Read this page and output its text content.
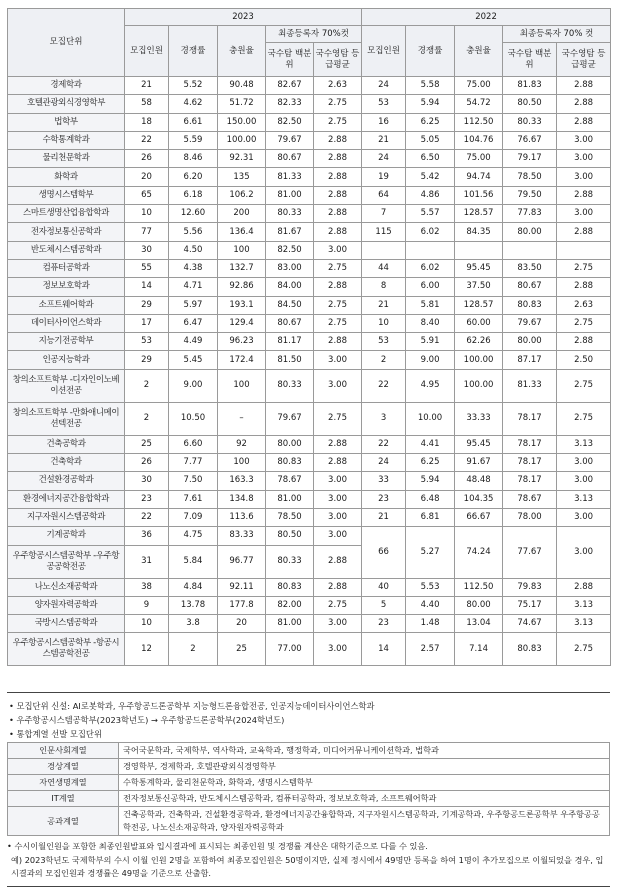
모집단위	2023					2022				
	모집인원	경쟁률	충원율	최종등록자 70%컷		모집인원	경쟁률	충원율	최종등록자 70% 컷	
				국수탐 백분위	국수영탐 등급평균				국수탐 백분위	국수영탐 등급평균
경제학과	21	5.52	90.48	82.67	2.63	24	5.58	75.00	81.83	2.88
호텔관광외식경영학부	58	4.62	51.72	82.33	2.75	53	5.94	54.72	80.50	2.88
법학부	18	6.61	150.00	82.50	2.75	16	6.25	112.50	80.33	2.88
수학통계학과	22	5.59	100.00	79.67	2.88	21	5.05	104.76	76.67	3.00
물리천문학과	26	8.46	92.31	80.67	2.88	24	6.50	75.00	79.17	3.00
화학과	20	6.20	135	81.33	2.88	19	5.42	94.74	78.50	3.00
생명시스템학부	65	6.18	106.2	81.00	2.88	64	4.86	101.56	79.50	2.88
스마트생명산업융합학과	10	12.60	200	80.33	2.88	7	5.57	128.57	77.83	3.00
전자정보통신공학과	77	5.56	136.4	81.67	2.88	115	6.02	84.35	80.00	2.88
반도체시스템공학과	30	4.50	100	82.50	3.00					
컴퓨터공학과	55	4.38	132.7	83.00	2.75	44	6.02	95.45	83.50	2.75
정보보호학과	14	4.71	92.86	84.00	2.88	8	6.00	37.50	80.67	2.88
소프트웨어학과	29	5.97	193.1	84.50	2.75	21	5.81	128.57	80.83	2.63
데이터사이언스학과	17	6.47	129.4	80.67	2.75	10	8.40	60.00	79.67	2.75
지능기전공학부	53	4.49	96.23	81.17	2.88	53	5.91	62.26	80.00	2.88
인공지능학과	29	5.45	172.4	81.50	3.00	2	9.00	100.00	87.17	2.50
창의소프트학부 -디자인이노베이션전공	2	9.00	100	80.33	3.00	22	4.95	100.00	81.33	2.75
창의소프트학부 -만화애니메이션텍전공	2	10.50	–	79.67	2.75	3	10.00	33.33	78.17	2.75
건축공학과	25	6.60	92	80.00	2.88	22	4.41	95.45	78.17	3.13
건축학과	26	7.77	100	80.83	2.88	24	6.25	91.67	78.17	3.00
건설환경공학과	30	7.50	163.3	78.67	3.00	33	5.94	48.48	78.17	3.00
환경에너지공간융합학과	23	7.61	134.8	81.00	3.00	23	6.48	104.35	78.67	3.13
지구자원시스템공학과	22	7.09	113.6	78.50	3.00	21	6.81	66.67	78.00	3.00
기계공학과	36	4.75	83.33	80.50	3.00	66	5.27	74.24	77.67	3.00
우주항공시스템공학부 -우주항공공학전공	31	5.84	96.77	80.33	2.88					
나노신소재공학과	38	4.84	92.11	80.83	2.88	40	5.53	112.50	79.83	2.88
양자원자력공학과	9	13.78	177.8	82.00	2.75	5	4.40	80.00	75.17	3.13
국방시스템공학과	10	3.8	20	81.00	3.00	23	1.48	13.04	74.67	3.13
우주항공시스템공학부 -항공시스템공학전공	12	2	25	77.00	3.00	14	2.57	7.14	80.83	2.75
• 모집단위 신설: AI로봇학과, 우주항공드론공학부 지능형드론융합전공, 인공지능데이터사이언스학과
• 우주항공시스템공학부(2023학년도) → 우주항공드론공학부(2024학년도)
• 통합계열 선발 모집단위
인문사회계열	국어국문학과, 국제학부, 역사학과, 교육학과, 행정학과, 미디어커뮤니케이션학과, 법학과
경상계열	경영학부, 경제학과, 호텔관광외식경영학부
자연생명계열	수학통계학과, 물리천문학과, 화학과, 생명시스템학부
IT계열	전자정보통신공학과, 반도체시스템공학과, 컴퓨터공학과, 정보보호학과, 소프트웨어학과
공과계열	건축공학과, 건축학과, 건설환경공학과, 환경에너지공간융합학과, 지구자원시스템공학과, 기계공학과, 우주항공드론공학부 우주항공공학전공, 나노신소재공학과, 양자원자력공학과
• 수시이월인원을 포함한 최종인원발표와 입시결과에 표시되는 최종인원 및 경쟁률 계산은 대학기준으로 다를 수 있음.
예) 2023학년도 국제학부의 수시 이월 인원 2명을 포함하여 최종모집인원은 50명이지만, 실제 정시에서 49명만 등록을 하여 1명이 추가모집으로 이월되었을 경우, 입시결과의 모집인원과 경쟁률은 49명을 기준으로 산출함.
